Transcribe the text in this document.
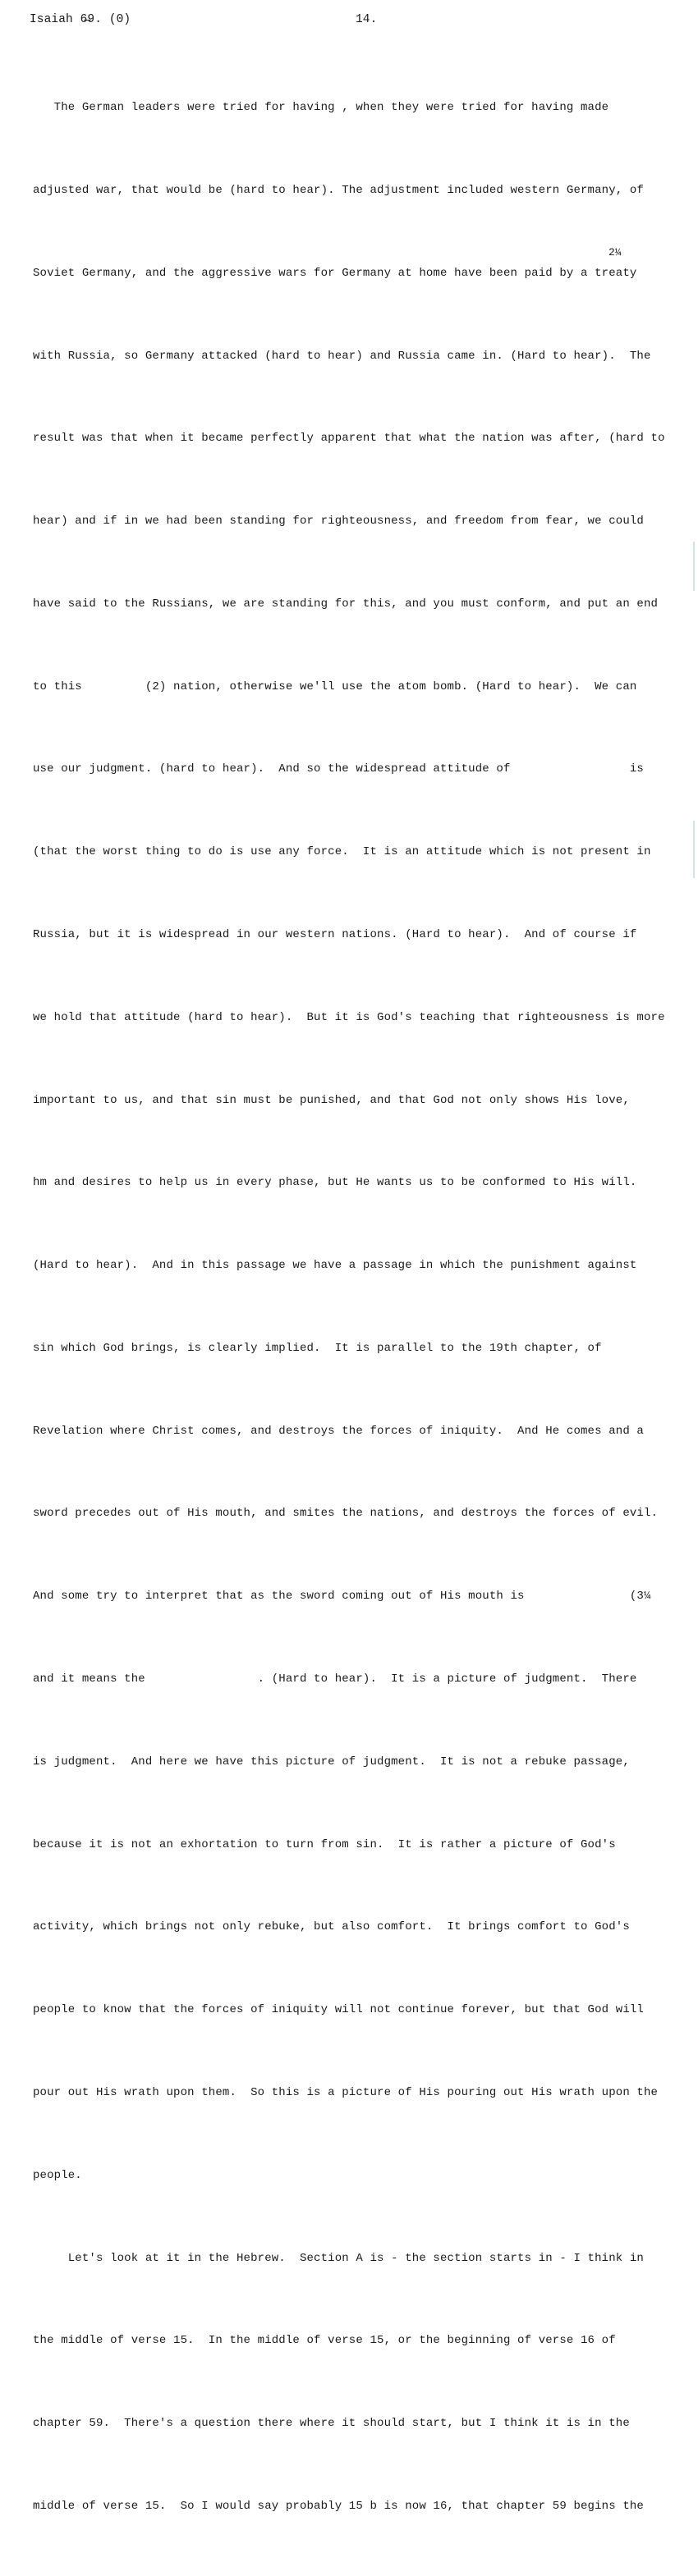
Isaiah 6̶̶9. (0)	14.
2¼

The German leaders were tried for having , when they were tried for having made

adjusted war, that would be (hard to hear). The adjustment included western Germany, of

Soviet Germany, and the aggressive wars for Germany at home have been paid by a treaty

with Russia, so Germany attacked (hard to hear) and Russia came in. (Hard to hear).  The

result was that when it became perfectly apparent that what the nation was after, (hard to

hear) and if in we had been standing for righteousness, and freedom from fear, we could

have said to the Russians, we are standing for this, and you must conform, and put an end

to this         (2) nation, otherwise we'll use the atom bomb. (Hard to hear).  We can

use our judgment. (hard to hear).  And so the widespread attitude of                 is

(that the worst thing to do is use any force.  It is an attitude which is not present in

Russia, but it is widespread in our western nations. (Hard to hear).  And of course if

we hold that attitude (hard to hear).  But it is God's teaching that righteousness is more

important to us, and that sin must be punished, and that God not only shows His love,

hm and desires to help us in every phase, but He wants us to be conformed to His will.

(Hard to hear).  And in this passage we have a passage in which the punishment against

sin which God brings, is clearly implied.  It is parallel to the 19th chapter, of

Revelation where Christ comes, and destroys the forces of iniquity.  And He comes and a

sword precedes out of His mouth, and smites the nations, and destroys the forces of evil.

And some try to interpret that as the sword coming out of His mouth is               (3¼

and it means the                . (Hard to hear).  It is a picture of judgment.  There

is judgment.  And here we have this picture of judgment.  It is not a rebuke passage,

because it is not an exhortation to turn from sin.  It is rather a picture of God's

activity, which brings not only rebuke, but also comfort.  It brings comfort to God's

people to know that the forces of iniquity will not continue forever, but that God will

pour out His wrath upon them.  So this is a picture of His pouring out His wrath upon the

people.

Let's look at it in the Hebrew.  Section A is - the section starts in - I think in

the middle of verse 15.  In the middle of verse 15, or the beginning of verse 16 of

chapter 59.  There's a question there where it should start, but I think it is in the

middle of verse 15.  So I would say probably 15 b is now 16, that chapter 59 begins the
